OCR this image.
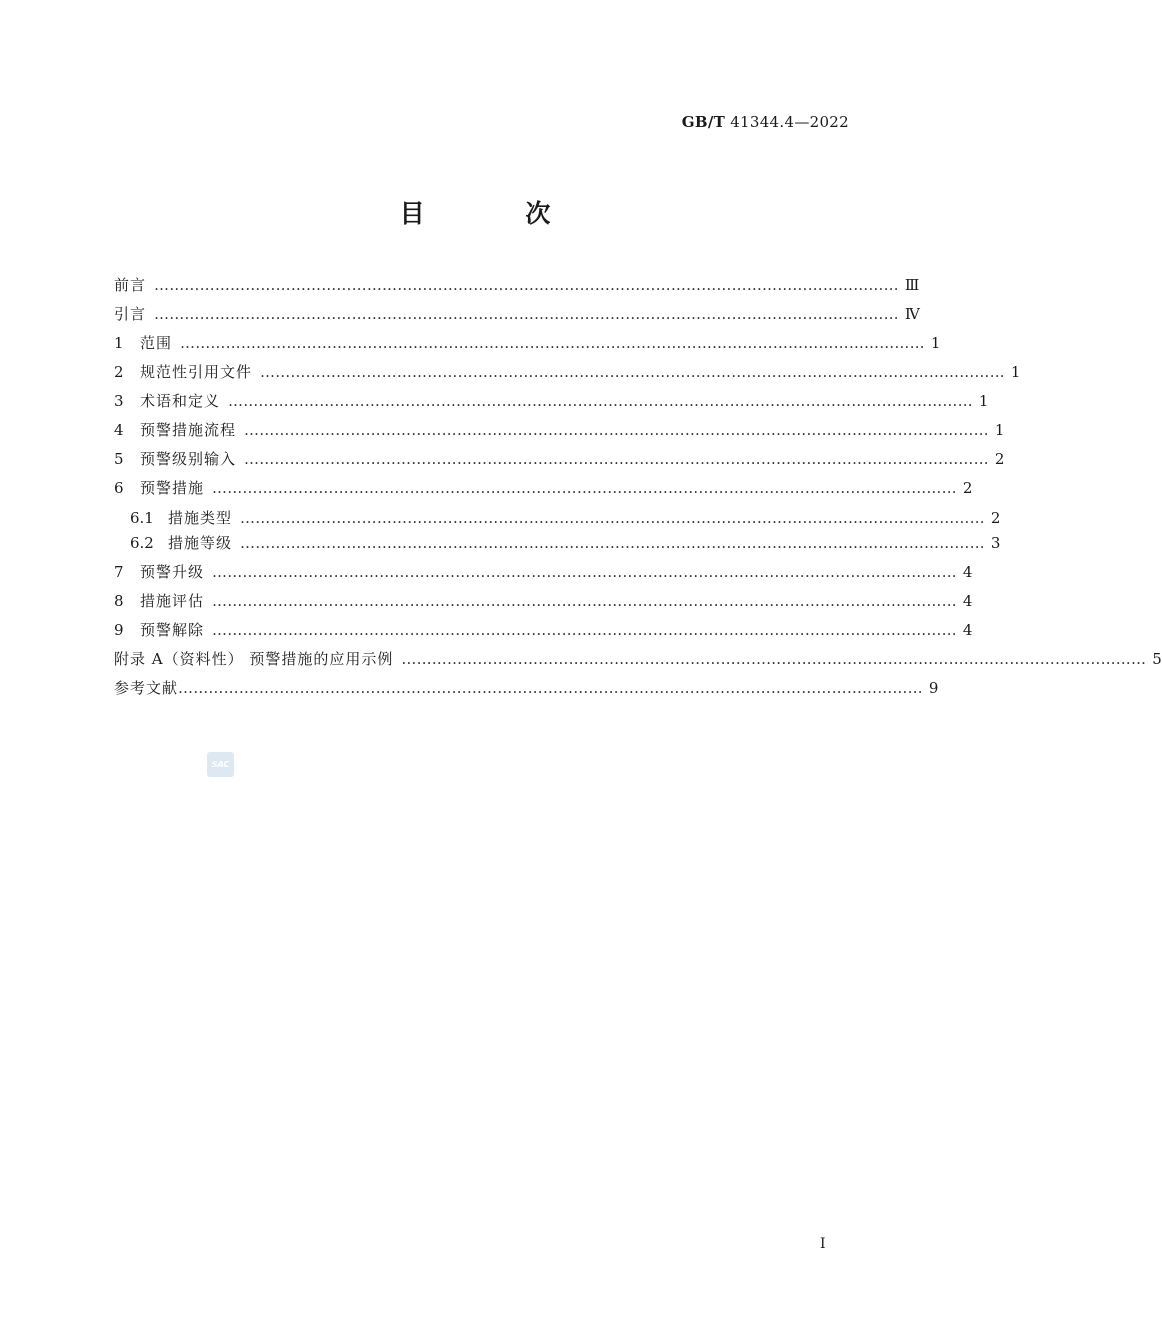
GB/T 41344.4—2022
目 次
前言 ………………………………………………………………………………………………………………………………… Ⅲ
引言 ………………………………………………………………………………………………………………………………… Ⅳ
1	范围 ………………………………………………………………………………………………………………………………… 1
2	规范性引用文件 ………………………………………………………………………………………………………………………………… 1
3	术语和定义 ………………………………………………………………………………………………………………………………… 1
4	预警措施流程 ………………………………………………………………………………………………………………………………… 1
5	预警级别输入 ………………………………………………………………………………………………………………………………… 2
6	预警措施 ………………………………………………………………………………………………………………………………… 2
6.1 措施类型 ………………………………………………………………………………………………………………………………… 2
6.2 措施等级 ………………………………………………………………………………………………………………………………… 3
7	预警升级 ………………………………………………………………………………………………………………………………… 4
8	措施评估 ………………………………………………………………………………………………………………………………… 4
9	预警解除 ………………………………………………………………………………………………………………………………… 4
附录 A（资料性） 预警措施的应用示例 ………………………………………………………………………………………………………………………………… 5
参考文献 ………………………………………………………………………………………………………………………………… 9
SAC
I
